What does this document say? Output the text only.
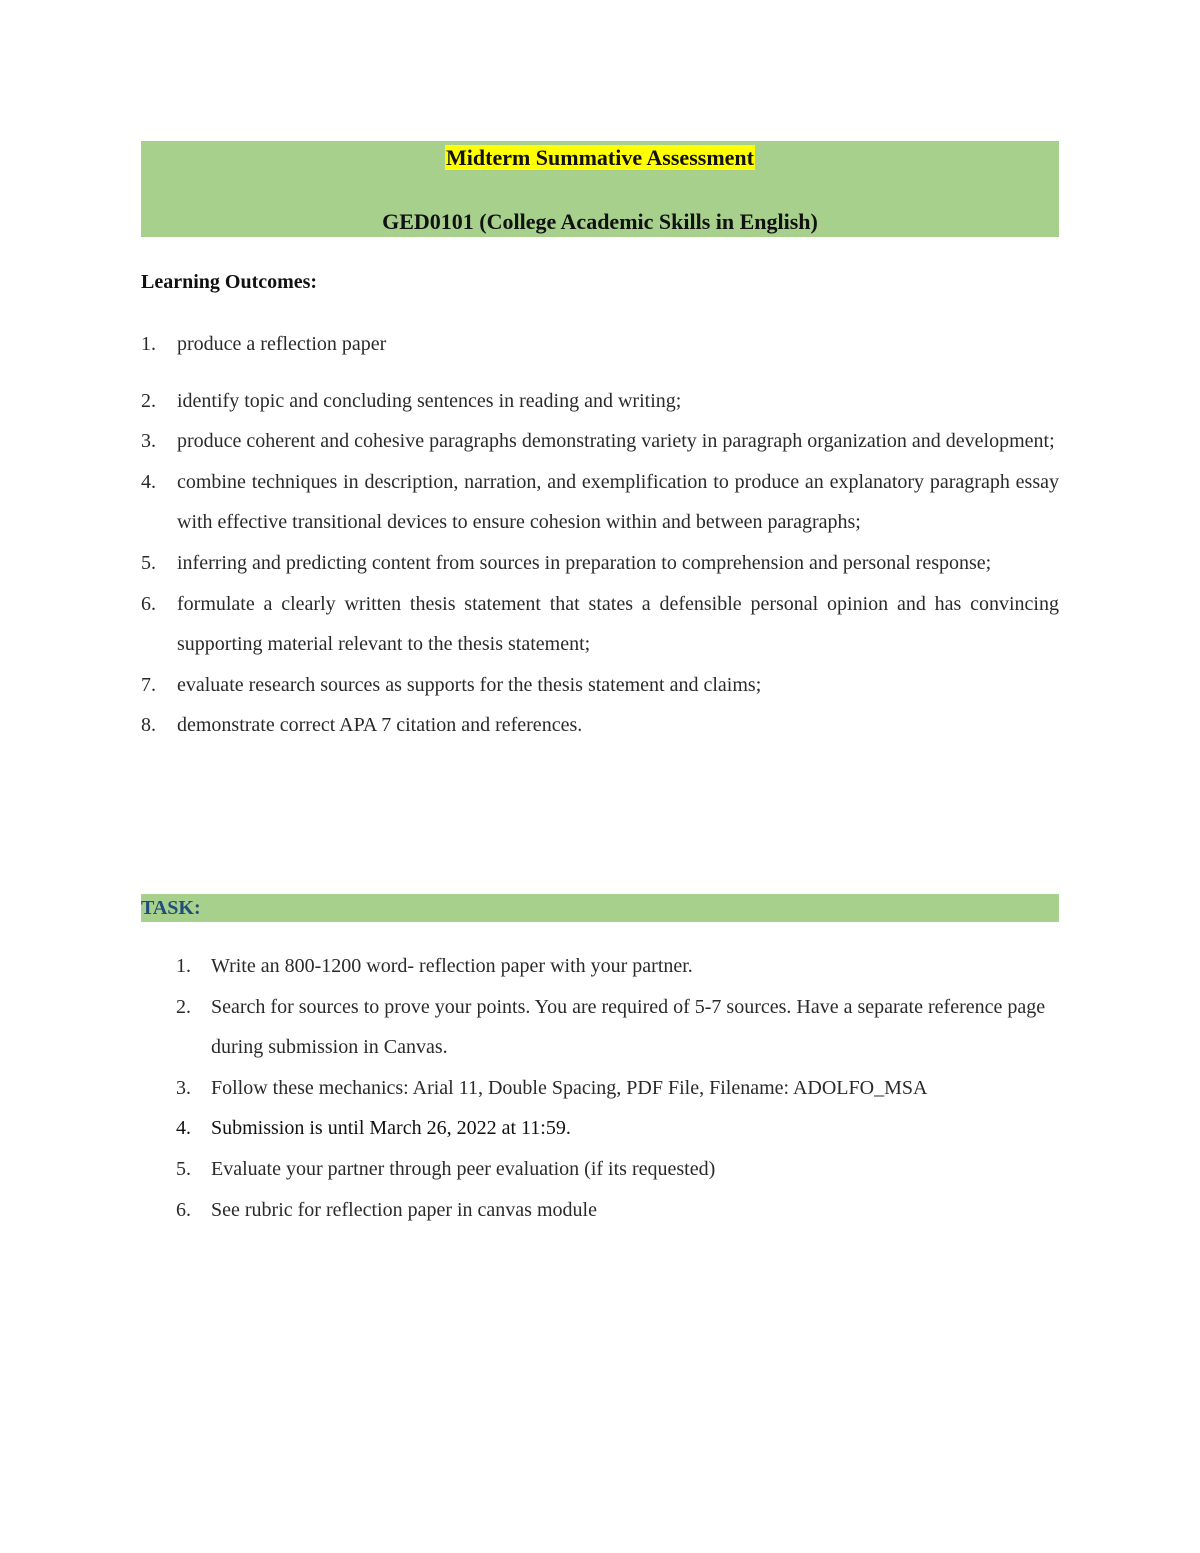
Midterm Summative Assessment
GED0101 (College Academic Skills in English)
Learning Outcomes:
1. produce a reflection paper
2. identify topic and concluding sentences in reading and writing;
3. produce coherent and cohesive paragraphs demonstrating variety in paragraph organization and development;
4. combine techniques in description, narration, and exemplification to produce an explanatory paragraph essay with effective transitional devices to ensure cohesion within and between paragraphs;
5. inferring and predicting content from sources in preparation to comprehension and personal response;
6. formulate a clearly written thesis statement that states a defensible personal opinion and has convincing supporting material relevant to the thesis statement;
7. evaluate research sources as supports for the thesis statement and claims;
8. demonstrate correct APA 7 citation and references.
TASK:
1. Write an 800-1200 word- reflection paper with your partner.
2. Search for sources to prove your points. You are required of 5-7 sources. Have a separate reference page during submission in Canvas.
3. Follow these mechanics: Arial 11, Double Spacing, PDF File, Filename: ADOLFO_MSA
4. Submission is until March 26, 2022 at 11:59.
5. Evaluate your partner through peer evaluation (if its requested)
6. See rubric for reflection paper in canvas module
